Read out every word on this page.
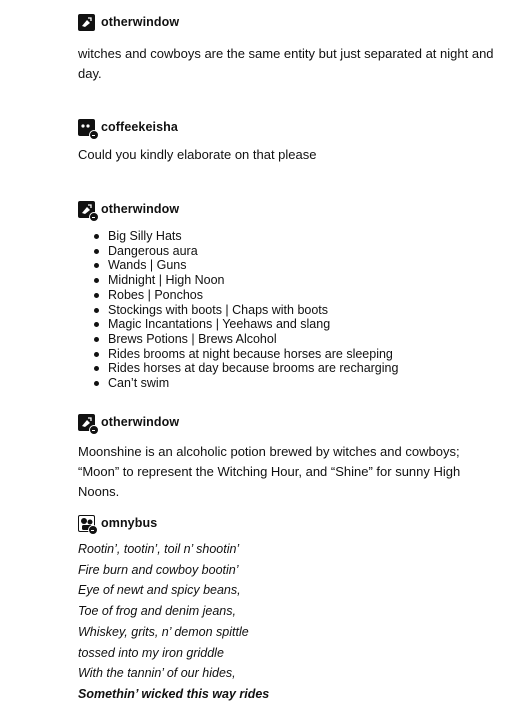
otherwindow

witches and cowboys are the same entity but just separated at night and

day.

coffeekeisha

Could you kindly elaborate on that please

otherwindow
Big Silly Hats
Dangerous aura
Wands | Guns
Midnight | High Noon
Robes | Ponchos
Stockings with boots | Chaps with boots
Magic Incantations | Yeehaws and slang
Brews Potions | Brews Alcohol
Rides brooms at night because horses are sleeping
Rides horses at day because brooms are recharging
Can’t swim
otherwindow

Moonshine is an alcoholic potion brewed by witches and cowboys;

“Moon” to represent the Witching Hour, and “Shine” for sunny High

Noons.

omnybus

Rootin’, tootin’, toil n’ shootin’

Fire burn and cowboy bootin’

Eye of newt and spicy beans,

Toe of frog and denim jeans,

Whiskey, grits, n’ demon spittle

tossed into my iron griddle

With the tannin’ of our hides,

Somethin’ wicked this way rides
